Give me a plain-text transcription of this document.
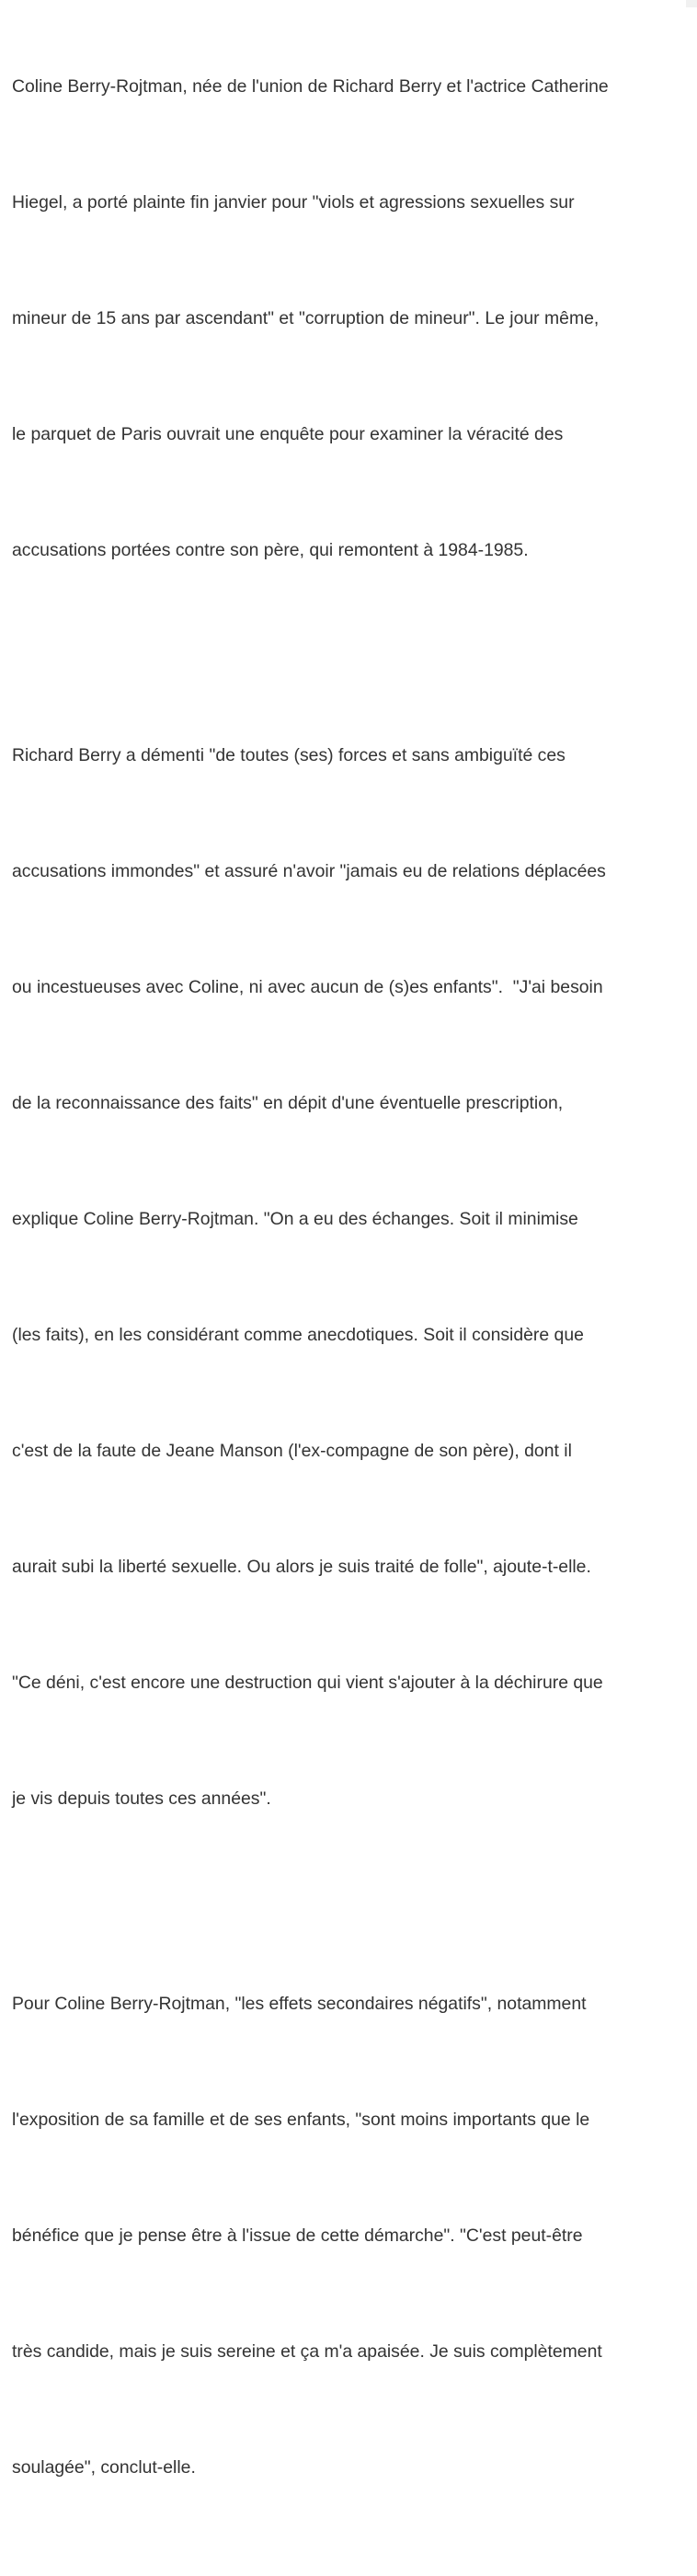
Coline Berry-Rojtman, née de l'union de Richard Berry et l'actrice Catherine

Hiegel, a porté plainte fin janvier pour "viols et agressions sexuelles sur

mineur de 15 ans par ascendant" et "corruption de mineur". Le jour même,

le parquet de Paris ouvrait une enquête pour examiner la véracité des

accusations portées contre son père, qui remontent à 1984-1985.

Richard Berry a démenti "de toutes (ses) forces et sans ambiguïté ces

accusations immondes" et assuré n'avoir "jamais eu de relations déplacées

ou incestueuses avec Coline, ni avec aucun de (s)es enfants".  "J'ai besoin

de la reconnaissance des faits" en dépit d'une éventuelle prescription,

explique Coline Berry-Rojtman. "On a eu des échanges. Soit il minimise

(les faits), en les considérant comme anecdotiques. Soit il considère que

c'est de la faute de Jeane Manson (l'ex-compagne de son père), dont il

aurait subi la liberté sexuelle. Ou alors je suis traité de folle", ajoute-t-elle.

"Ce déni, c'est encore une destruction qui vient s'ajouter à la déchirure que

je vis depuis toutes ces années".

Pour Coline Berry-Rojtman, "les effets secondaires négatifs", notamment

l'exposition de sa famille et de ses enfants, "sont moins importants que le

bénéfice que je pense être à l'issue de cette démarche". "C'est peut-être

très candide, mais je suis sereine et ça m'a apaisée. Je suis complètement

soulagée", conclut-elle.
